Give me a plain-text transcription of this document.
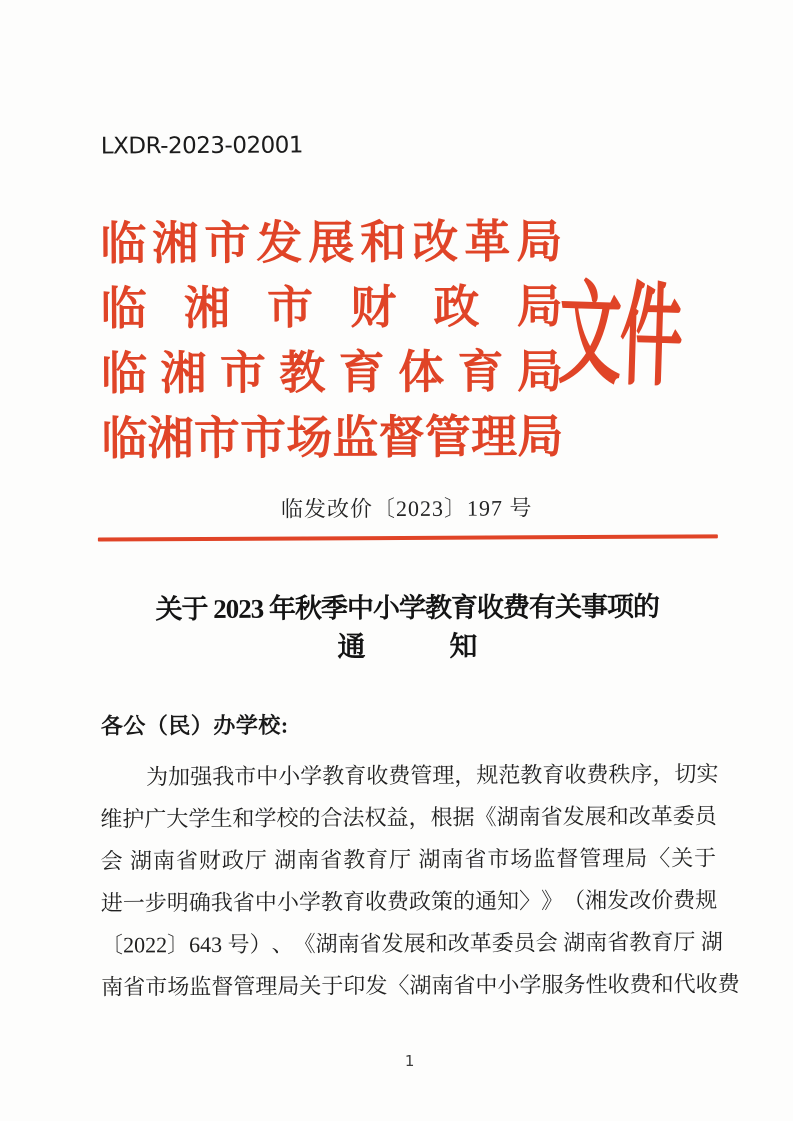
LXDR-2023-02001
临 湘 市 发 展 和 改 革 局
临 湘 市 财 政 局
临 湘 市 教 育 体 育 局
临 湘 市 市 场 监 督 管 理 局
文件
临发改价〔2023〕197 号
关于 2023 年秋季中小学教育收费有关事项的
通　　　知
各公（民）办学校:
为 加 强 我 市 中 小 学 教 育 收 费 管 理 ， 规 范 教 育 收 费 秩 序 ， 切 实
维 护 广 大 学 生 和 学 校 的 合 法 权 益 ， 根 据 《 湖 南 省 发 展 和 改 革 委 员
会
湖 南 省 财 政 厅
湖 南 省 教 育 厅
湖 南 省 市 场 监 督 管 理 局 〈 关 于
进 一 步 明 确 我 省 中 小 学 教 育 收 费 政 策 的 通 知 〉 》 （ 湘 发 改 价 费 规
〔 2022 〕 643 号 ） 、 《 湖 南 省 发 展 和 改 革 委 员 会
湖 南 省 教 育 厅
湖
南 省 市 场 监 督 管 理 局 关 于 印 发 〈 湖 南 省 中 小 学 服 务 性 收 费 和 代 收 费
1
